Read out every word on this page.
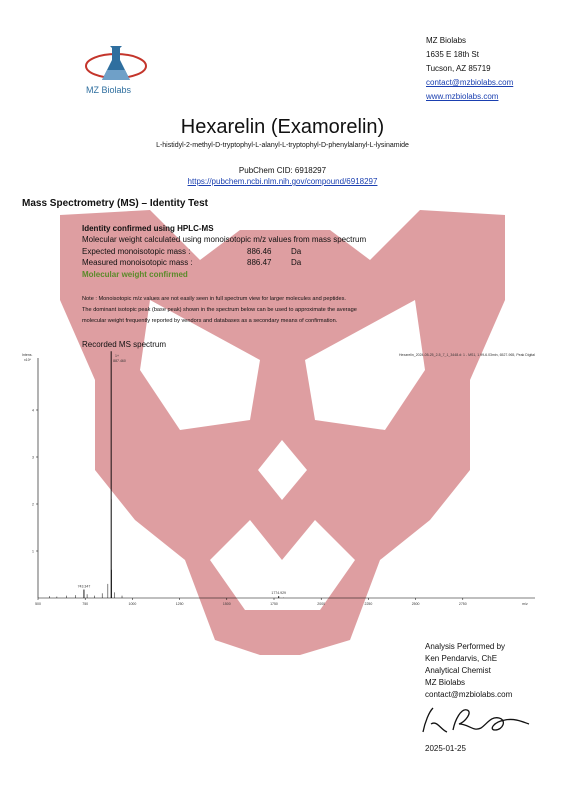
MZ Biolabs
MZ Biolabs
1635 E 18th St
Tucson, AZ 85719
contact@mzbiolabs.com
www.mzbiolabs.com
Hexarelin (Examorelin)
L-histidyl-2-methyl-D-tryptophyl-L-alanyl-L-tryptophyl-D-phenylalanyl-L-lysinamide
PubChem CID: 6918297
https://pubchem.ncbi.nlm.nih.gov/compound/6918297
Mass Spectrometry (MS) – Identity Test
Identity confirmed using HPLC-MS
Molecular weight calculated using monoisotopic m/z values from mass spectrum
Expected monoisotopic mass :	886.46 Da
Measured monoisotopic mass :	886.47 Da
Molecular weight confirmed
Note : Monoisotopic m/z values are not easily seen in full spectrum view for larger molecules and peptides.
The dominant isotopic peak (base peak) shown in the spectrum below can be used to approximate the average
molecular weight frequently reported by vendors and databases as a secondary means of confirmation.
Recorded MS spectrum
Intens.
x10⁶
Hexarelin_2024-05-25_2-5_7_1_3448.d: 1 - MS1, 1.99-6.03min, 6527-965, Peak Digital
1+
500	750	1000	1250	1500	1750	2000	2250	2500	2750	m/z
1
2
3
4
743.347
887.460
1774.929
Analysis Performed by
Ken Pendarvis, ChE
Analytical Chemist
MZ Biolabs
contact@mzbiolabs.com
2025-01-25
